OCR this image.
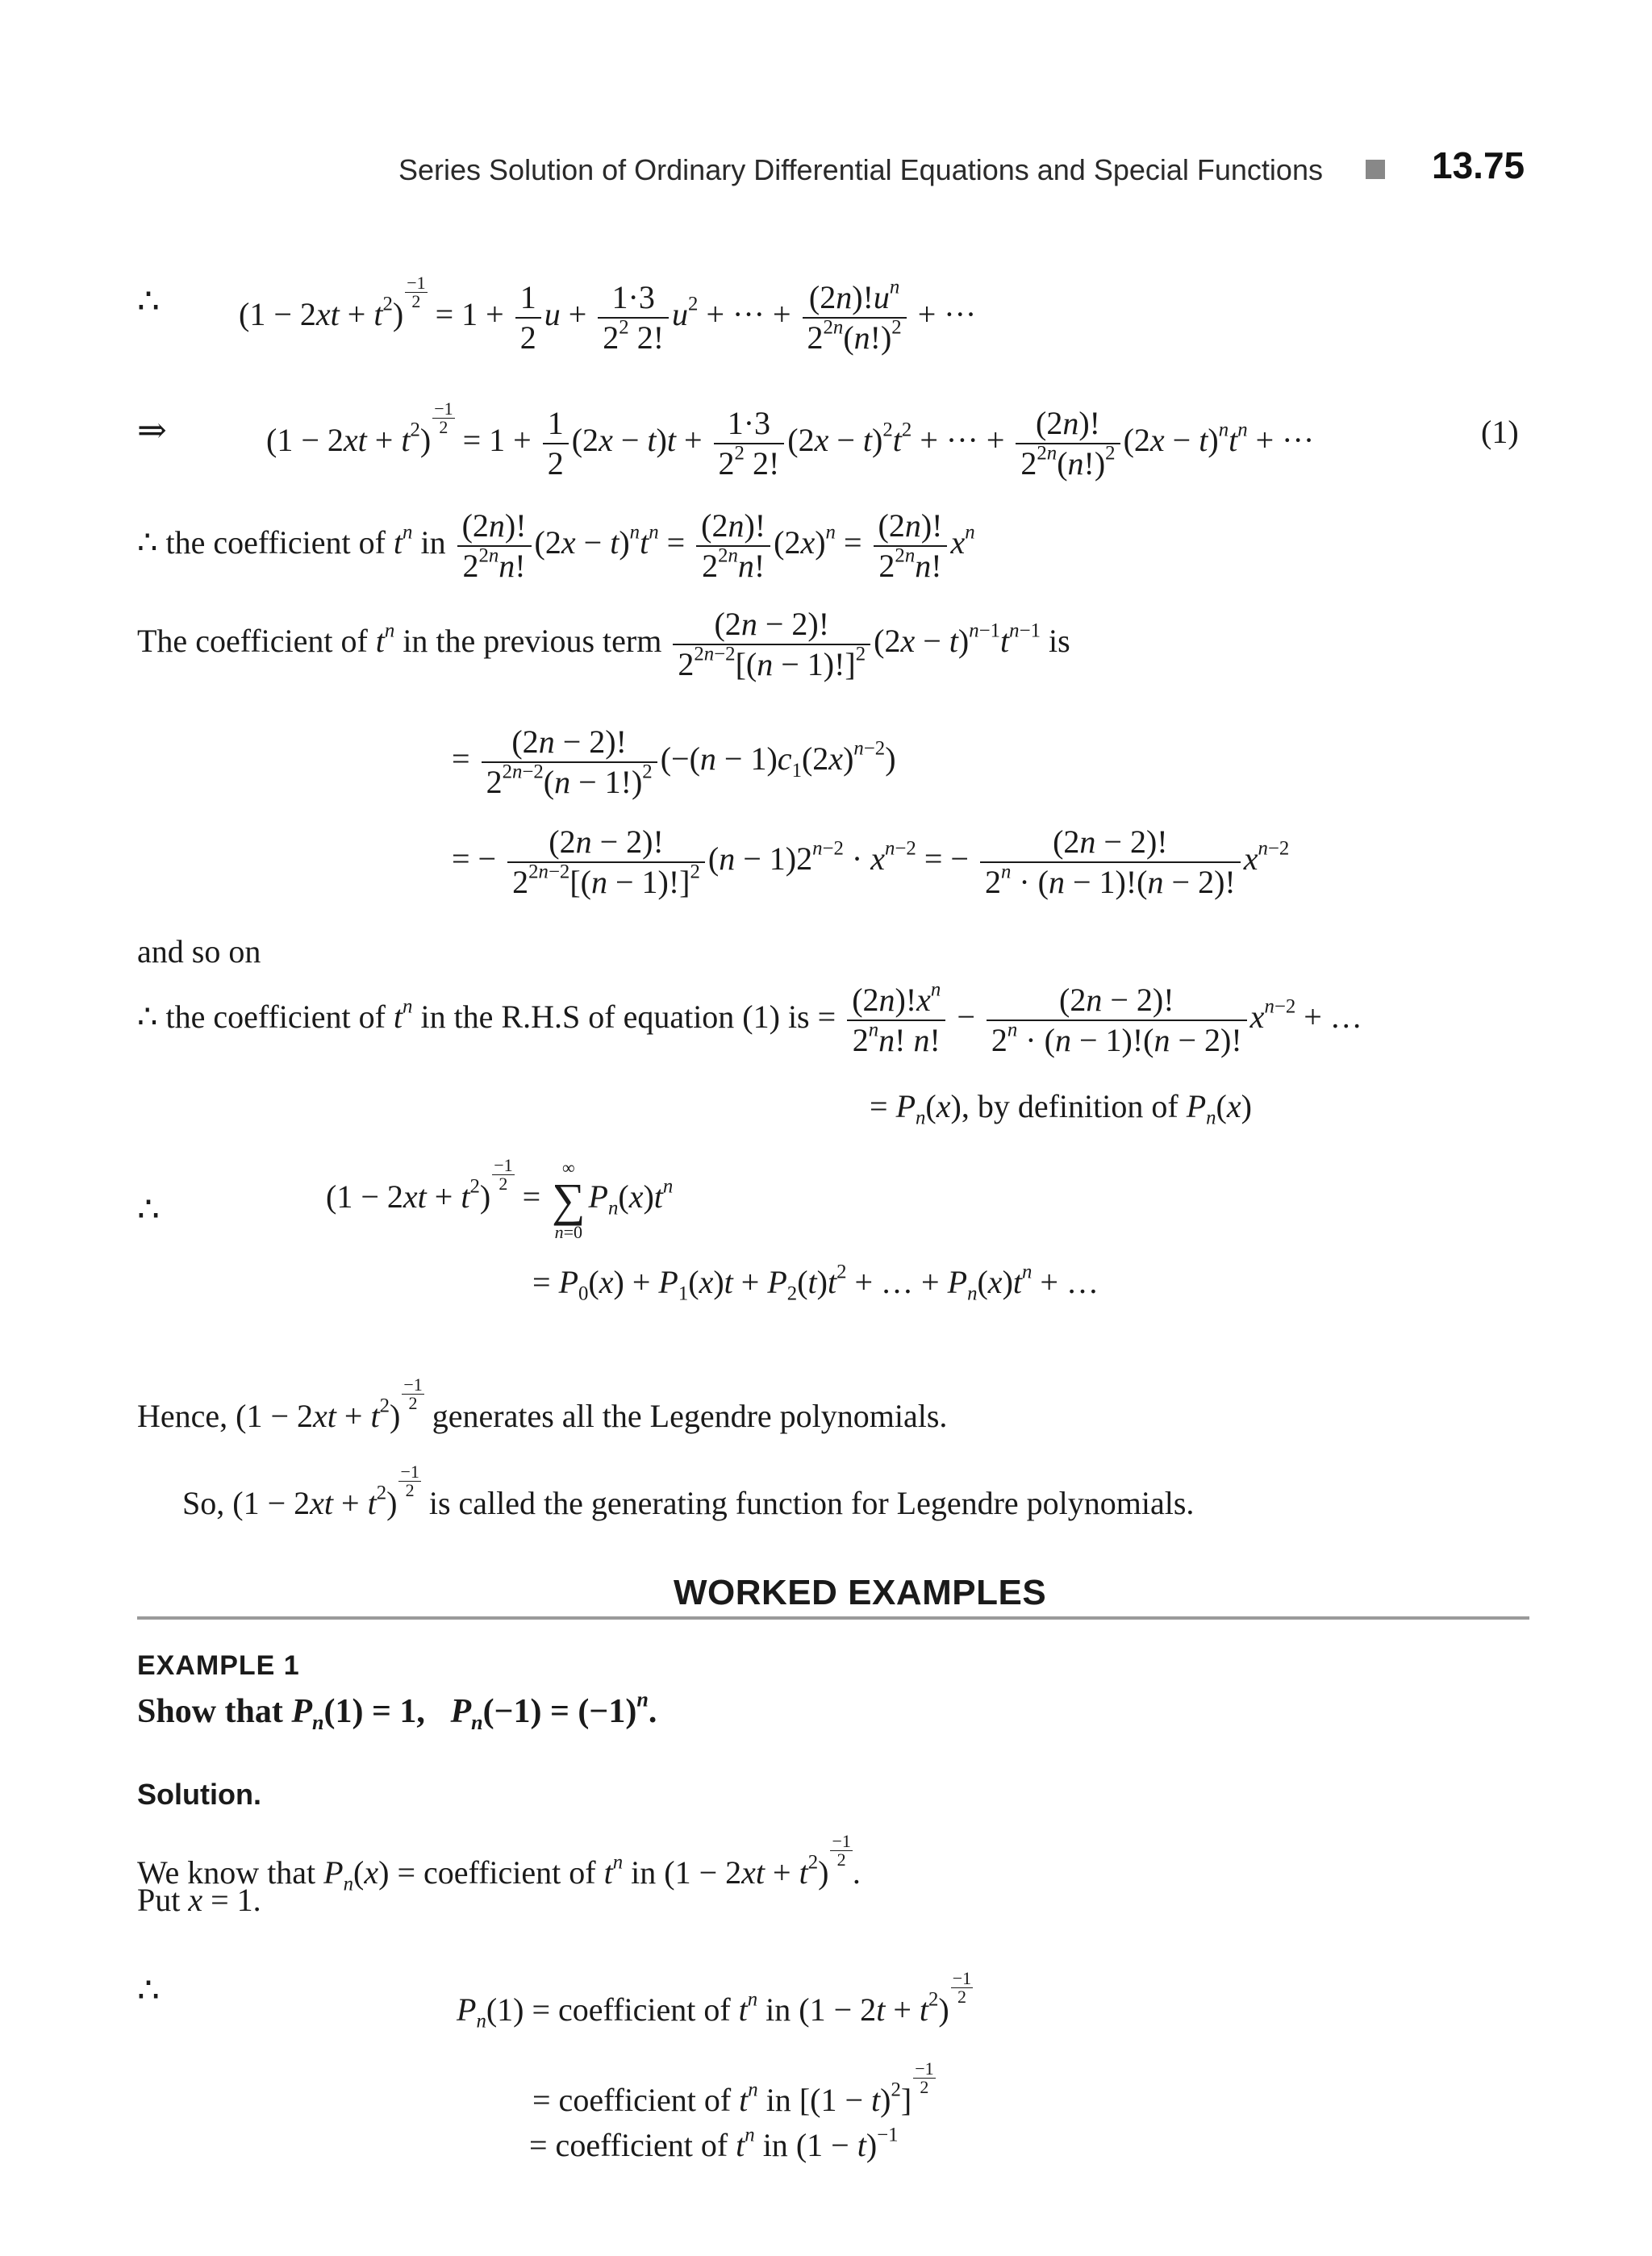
Series Solution of Ordinary Differential Equations and Special Functions	13.75
∴ $(1 - 2xt + t^2)$
$\frac{-1}{2}$
= $1 + \frac{1}{2}$ $u + \frac{1\cdot 3}{2^2 2!} u^2$ + ··· + $\frac{(2n)!u^n}{2^{2n}(n!)^2}$ + ···
⇒	$(1 - 2xt + t^2)$
$\frac{-1}{2}$
= $1 + \frac{1}{2} (2x - t)t + \frac{1\cdot 3}{2^2 2!} (2x - t)^2t^2$ + ··· + $\frac{(2n)!}{2^{2n}(n!)^2} (2x - t)^nt^n$ + ···	(1)
∴ the coefficient of $t^n$ in $\frac{(2n)!}{2^{2n}n!} (2x - t)^nt^n = \frac{(2n)!}{2^{2n}n!} (2x)^n = \frac{(2n)!}{2^{2n}n!} x^n$
The coefficient of $t^n$ in the previous term $\frac{(2n - 2)!}{2^{2n-2}[(n - 1)!]^2} (2x - t)^{n-1}t^{n-1}$ is
= $\frac{(2n - 2)!}{2^{2n-2}(n - 1!)^2} (-(n - 1)c_1(2x)^{n-2})$
= − $\frac{(2n - 2)!}{2^{2n-2}[(n - 1)!]^2} (n - 1)2^{n-2} \cdot x^{n-2}$ = − $\frac{(2n - 2)!}{2^n \cdot (n - 1)!(n - 2)!} x^{n-2}$
and so on
∴ the coefficient of $t^n$ in the R.H.S of equation (1) is = $\frac{(2n)!x^n}{2^nn! n!} - \frac{(2n - 2)!}{2^n \cdot (n - 1)!(n - 2)!} x^{n-2}$ + …
= $P_n(x)$, by definition of $P_n(x)$
∴	$(1 - 2xt + t^2)$
$\frac{-1}{2}$
=
∞
∑
n=0
$P_n(x)t^n$
= $P_0(x) + P_1(x)t + P_2(t)t^2$ + … + $P_n(x)t^n$ + …
Hence, $(1 - 2xt + t^2)$
$\frac{-1}{2}$
generates all the Legendre polynomials.
So, $(1 - 2xt + t^2)$
$\frac{-1}{2}$
is called the generating function for Legendre polynomials.
WORKED EXAMPLES
EXAMPLE 1
Show that $P_n(1) = 1$,   $P_n(-1) = (-1)^n$.
Solution.
We know that $P_n(x)$ = coefficient of $t^n$ in $(1 - 2xt + t^2)$
$\frac{-1}{2}$
.
Put x = 1.
∴	$P_n(1)$ = coefficient of $t^n$ in $(1 - 2t + t^2)$
$\frac{-1}{2}$
= coefficient of $t^n$ in $[(1 - t)^2]$
$\frac{-1}{2}$
= coefficient of $t^n$ in $(1 - t)^{-1}$
